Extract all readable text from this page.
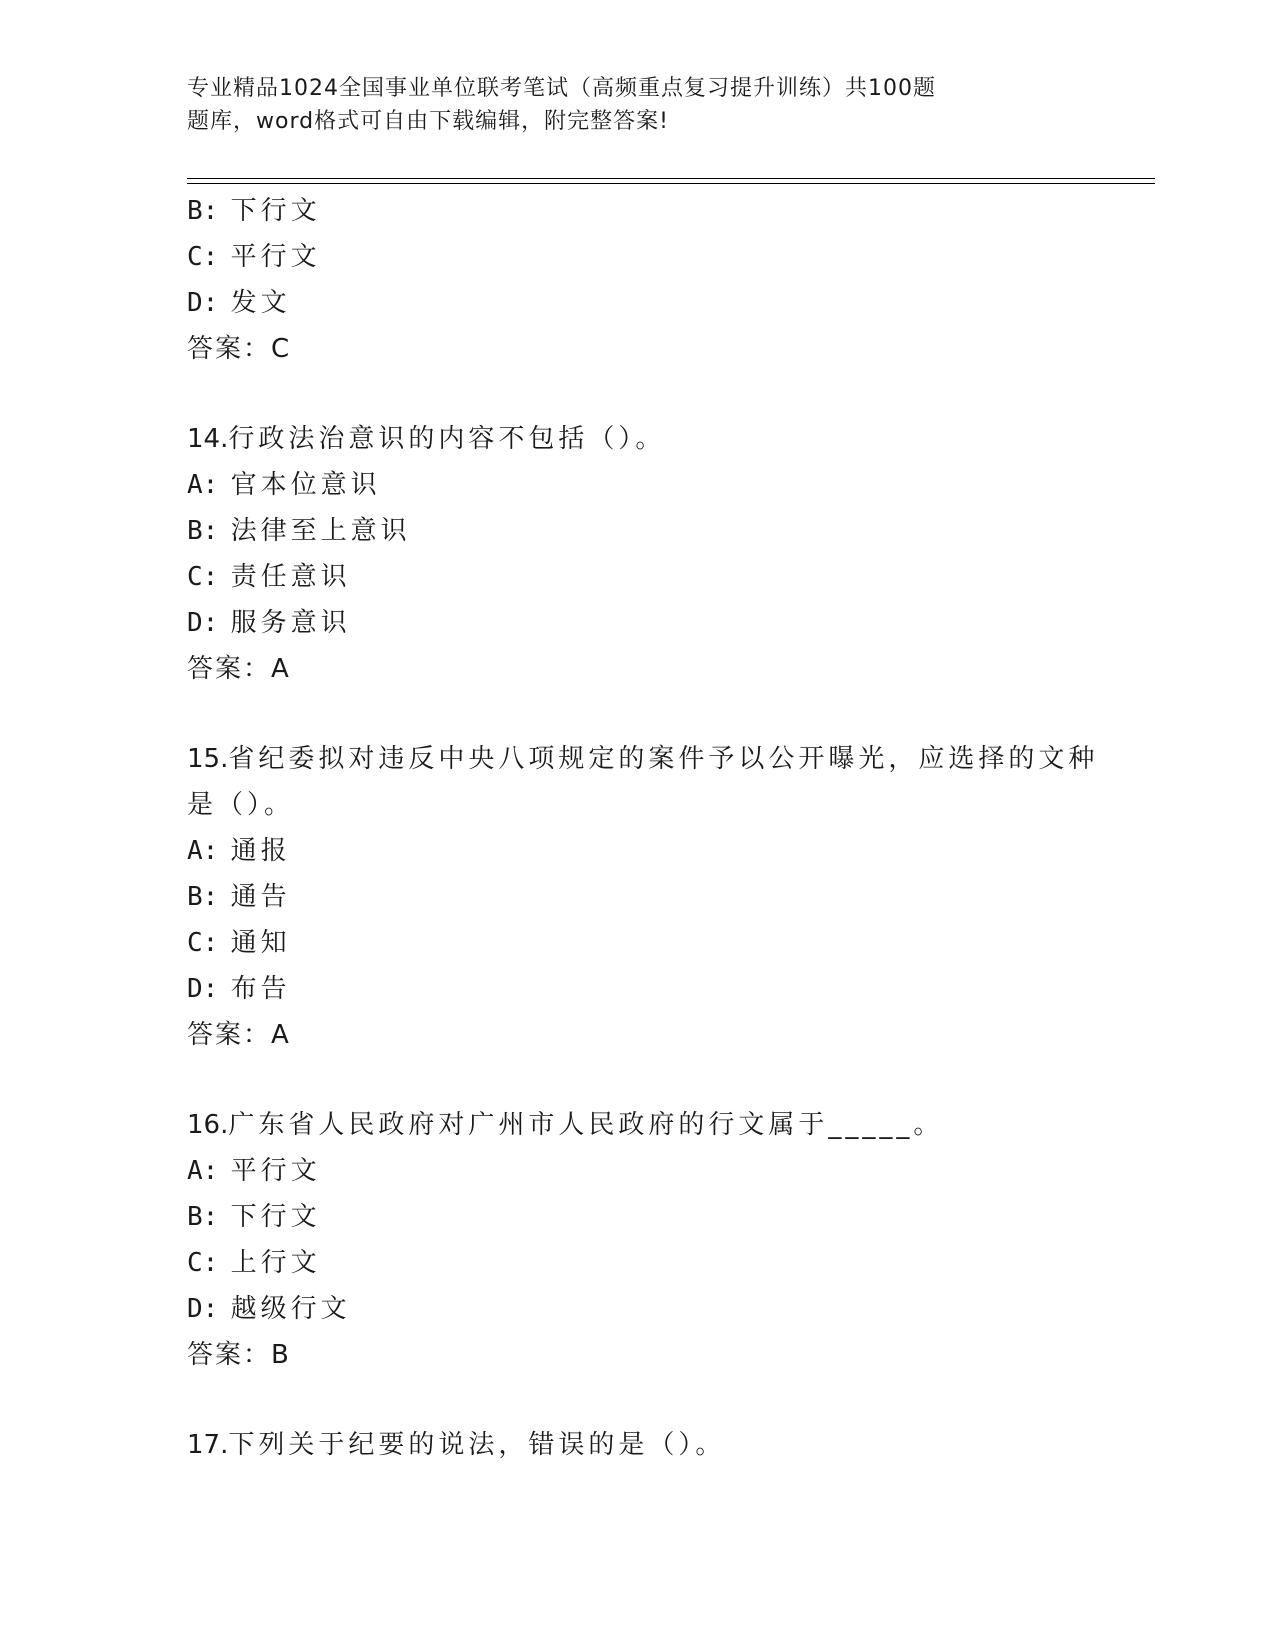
专业精品1024全国事业单位联考笔试（高频重点复习提升训练）共100题
题库，word格式可自由下载编辑，附完整答案!
B: 下行文
C: 平行文
D: 发文
答案：C
14.行政法治意识的内容不包括（）。
A: 官本位意识
B: 法律至上意识
C: 责任意识
D: 服务意识
答案：A
15.省纪委拟对违反中央八项规定的案件予以公开曝光，应选择的文种
是（）。
A: 通报
B: 通告
C: 通知
D: 布告
答案：A
16.广东省人民政府对广州市人民政府的行文属于_____。
A: 平行文
B: 下行文
C: 上行文
D: 越级行文
答案：B
17.下列关于纪要的说法，错误的是（）。
